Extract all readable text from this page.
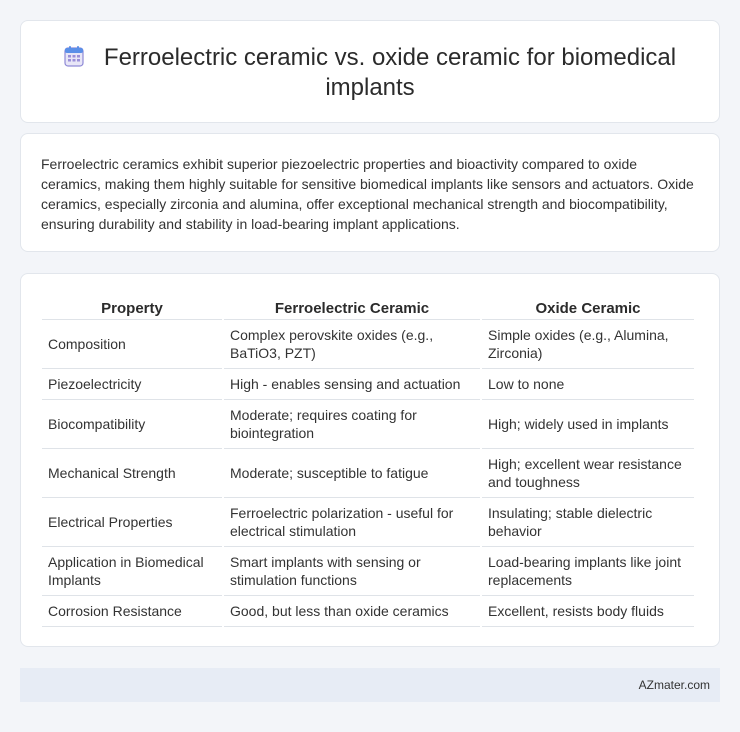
Ferroelectric ceramic vs. oxide ceramic for biomedical implants

Ferroelectric ceramics exhibit superior piezoelectric properties and bioactivity compared to oxide ceramics, making them highly suitable for sensitive biomedical implants like sensors and actuators. Oxide ceramics, especially zirconia and alumina, offer exceptional mechanical strength and biocompatibility, ensuring durability and stability in load-bearing implant applications.

Property	Ferroelectric Ceramic	Oxide Ceramic
Composition	Complex perovskite oxides (e.g., BaTiO3, PZT)	Simple oxides (e.g., Alumina, Zirconia)
Piezoelectricity	High - enables sensing and actuation	Low to none
Biocompatibility	Moderate; requires coating for biointegration	High; widely used in implants
Mechanical Strength	Moderate; susceptible to fatigue	High; excellent wear resistance and toughness
Electrical Properties	Ferroelectric polarization - useful for electrical stimulation	Insulating; stable dielectric behavior
Application in Biomedical Implants	Smart implants with sensing or stimulation functions	Load-bearing implants like joint replacements
Corrosion Resistance	Good, but less than oxide ceramics	Excellent, resists body fluids
AZmater.com
